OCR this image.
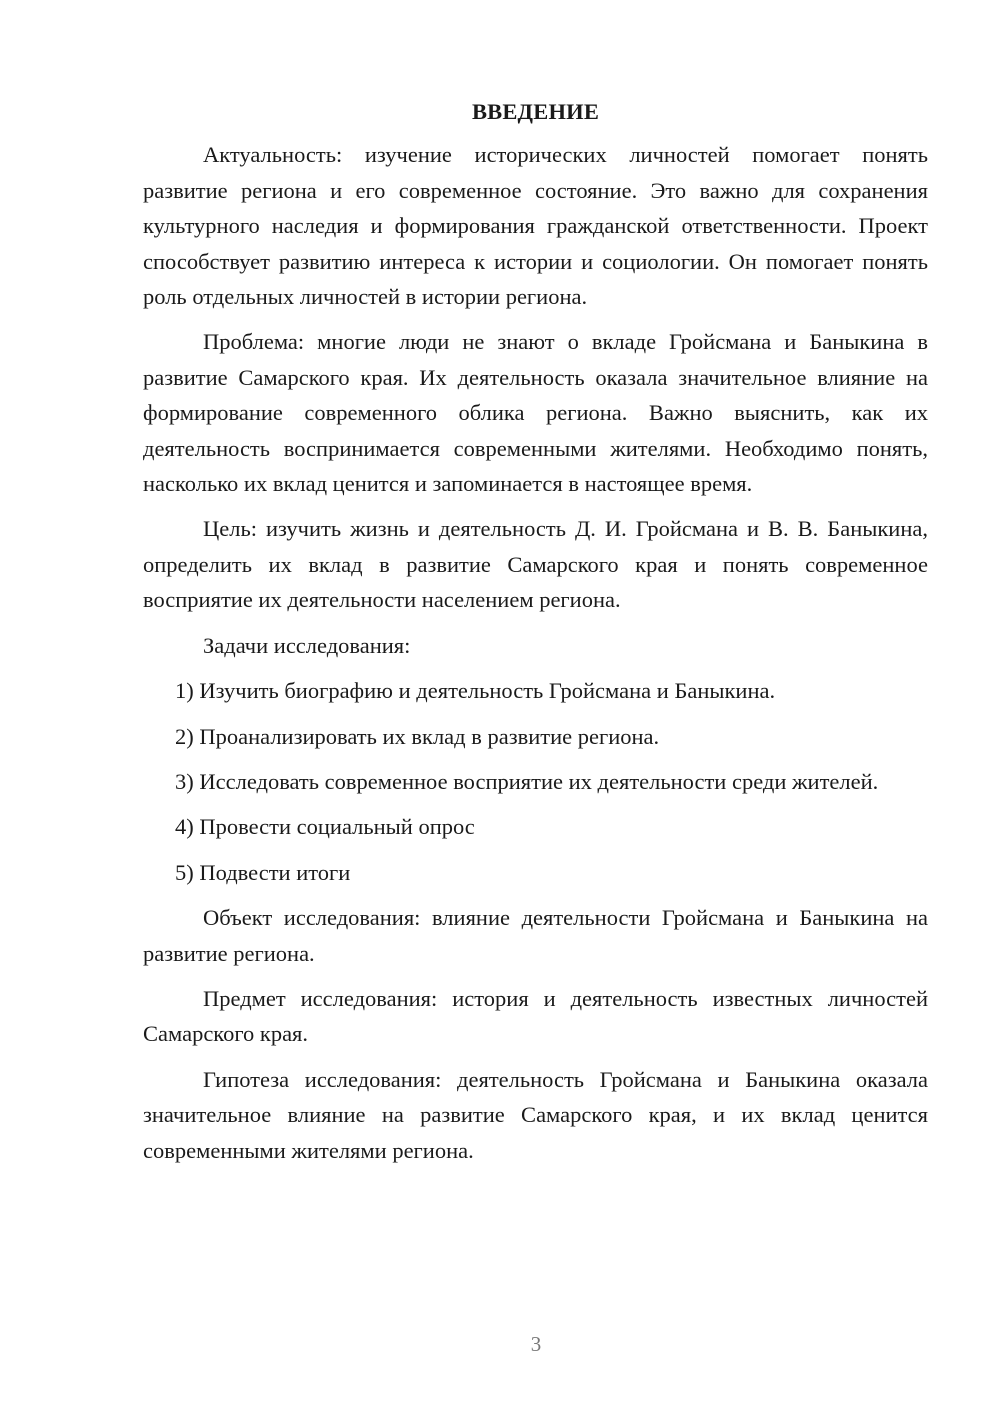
ВВЕДЕНИЕ

Актуальность: изучение исторических личностей помогает понять развитие региона и его современное состояние. Это важно для сохранения культурного наследия и формирования гражданской ответственности. Проект способствует развитию интереса к истории и социологии. Он помогает понять роль отдельных личностей в истории региона.

Проблема: многие люди не знают о вкладе Гройсмана и Баныкина в развитие Самарского края. Их деятельность оказала значительное влияние на формирование современного облика региона. Важно выяснить, как их деятельность воспринимается современными жителями. Необходимо понять, насколько их вклад ценится и запоминается в настоящее время.

Цель: изучить жизнь и деятельность Д. И. Гройсмана и В. В. Баныкина, определить их вклад в развитие Самарского края и понять современное восприятие их деятельности населением региона.

Задачи исследования:

1) Изучить биографию и деятельность Гройсмана и Баныкина.

2) Проанализировать их вклад в развитие региона.

3) Исследовать современное восприятие их деятельности среди жителей.

4) Провести социальный опрос

5) Подвести итоги

Объект исследования: влияние деятельности Гройсмана и Баныкина на развитие региона.

Предмет исследования: история и деятельность известных личностей Самарского края.

Гипотеза исследования: деятельность Гройсмана и Баныкина оказала значительное влияние на развитие Самарского края, и их вклад ценится современными жителями региона.

3
